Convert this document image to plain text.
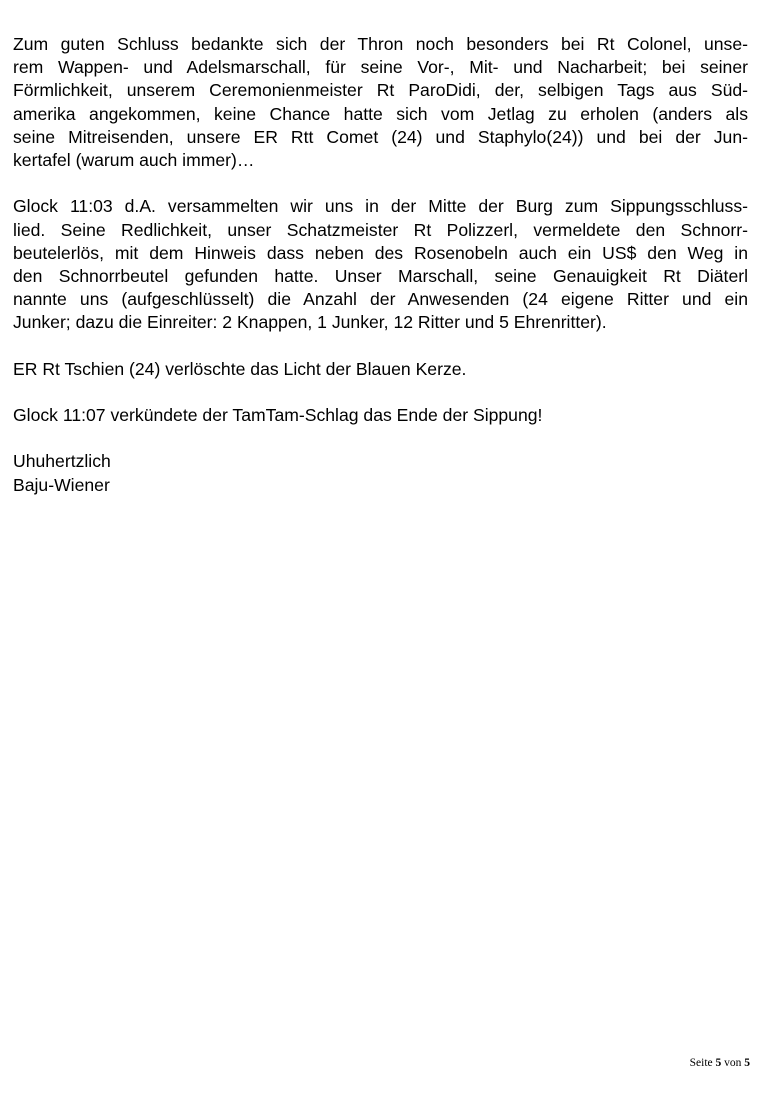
Zum guten Schluss bedankte sich der Thron noch besonders bei Rt Colonel, unse-
rem Wappen- und Adelsmarschall, für seine Vor-, Mit- und Nacharbeit; bei seiner
Förmlichkeit, unserem Ceremonienmeister Rt ParoDidi, der, selbigen Tags aus Süd-
amerika angekommen, keine Chance hatte sich vom Jetlag zu erholen (anders als
seine Mitreisenden, unsere ER Rtt Comet (24) und Staphylo(24)) und bei der Jun-
kertafel (warum auch immer)…
Glock 11:03 d.A. versammelten wir uns in der Mitte der Burg zum Sippungsschluss-
lied. Seine Redlichkeit, unser Schatzmeister Rt Polizzerl, vermeldete den Schnorr-
beutelerlös, mit dem Hinweis dass neben des Rosenobeln auch ein US$ den Weg in
den Schnorrbeutel gefunden hatte. Unser Marschall, seine Genauigkeit Rt Diäterl
nannte uns (aufgeschlüsselt) die Anzahl der Anwesenden (24 eigene Ritter und ein
Junker; dazu die Einreiter: 2 Knappen, 1 Junker, 12 Ritter und 5 Ehrenritter).
ER Rt Tschien (24) verlöschte das Licht der Blauen Kerze.
Glock 11:07 verkündete der TamTam-Schlag das Ende der Sippung!
Uhuhertzlich
Baju-Wiener
Seite 5 von 5
